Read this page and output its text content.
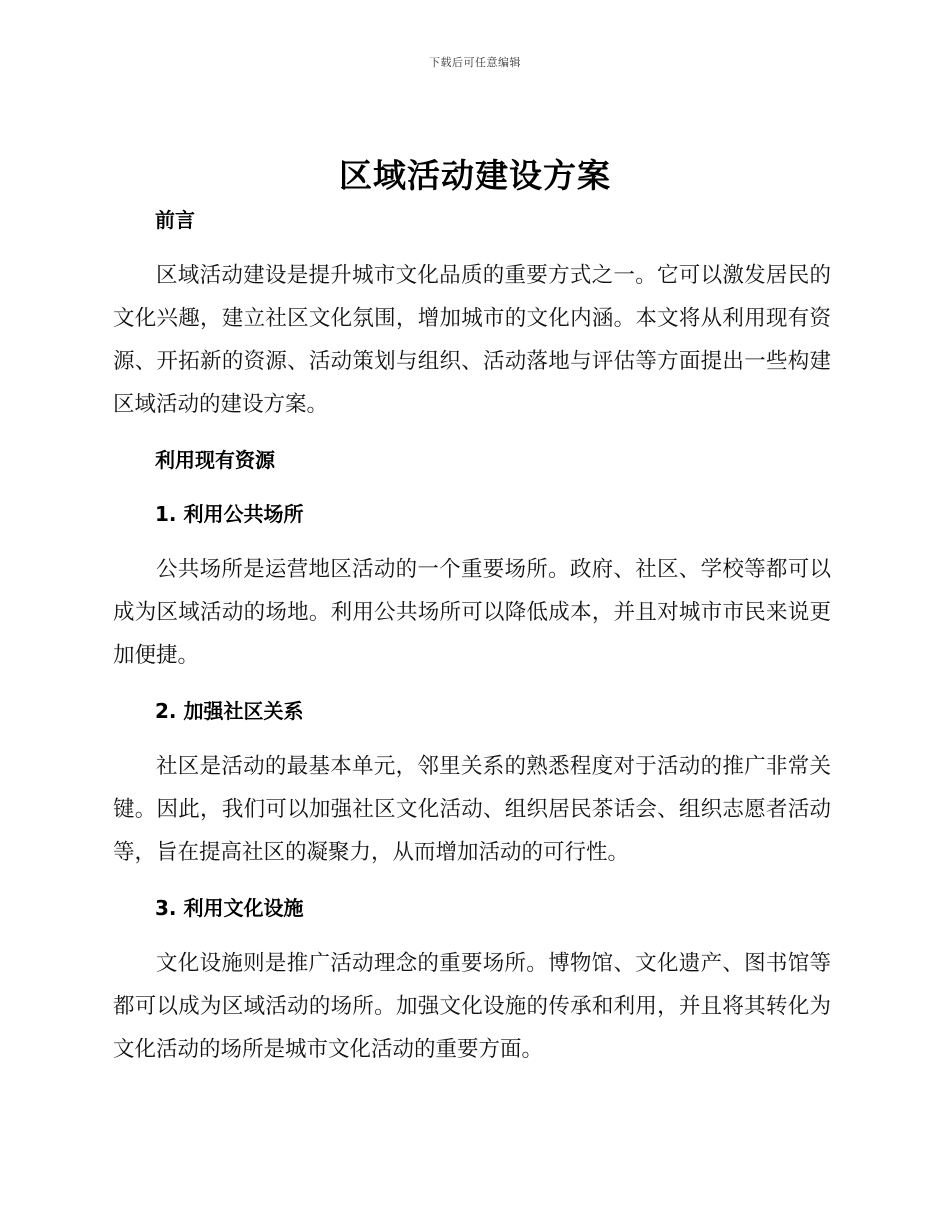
下载后可任意编辑
区域活动建设方案
前言

区域活动建设是提升城市文化品质的重要方式之一。它可以激发居民的文化兴趣，建立社区文化氛围，增加城市的文化内涵。本文将从利用现有资源、开拓新的资源、活动策划与组织、活动落地与评估等方面提出一些构建区域活动的建设方案。

利用现有资源
1. 利用公共场所

公共场所是运营地区活动的一个重要场所。政府、社区、学校等都可以成为区域活动的场地。利用公共场所可以降低成本，并且对城市市民来说更加便捷。

2. 加强社区关系

社区是活动的最基本单元，邻里关系的熟悉程度对于活动的推广非常关键。因此，我们可以加强社区文化活动、组织居民茶话会、组织志愿者活动等，旨在提高社区的凝聚力，从而增加活动的可行性。

3. 利用文化设施

文化设施则是推广活动理念的重要场所。博物馆、文化遗产、图书馆等都可以成为区域活动的场所。加强文化设施的传承和利用，并且将其转化为文化活动的场所是城市文化活动的重要方面。
